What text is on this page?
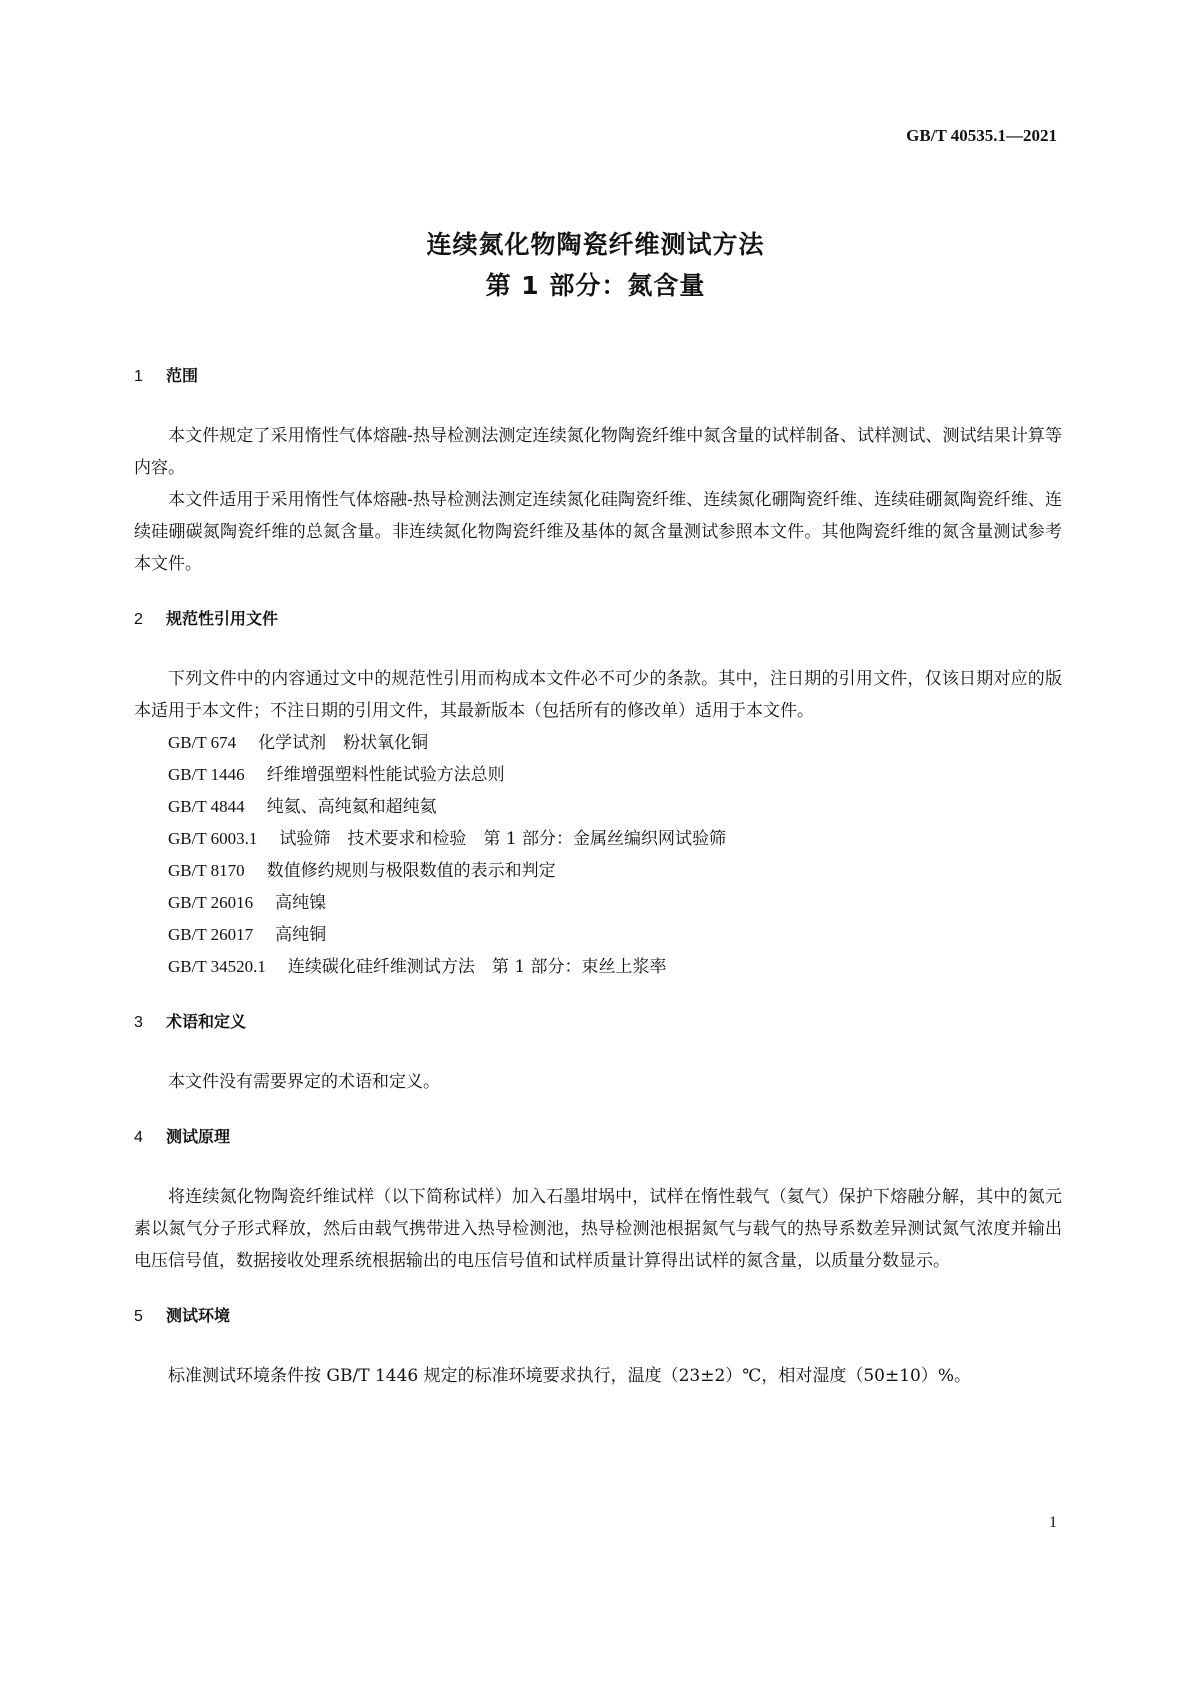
GB/T 40535.1—2021
连续氮化物陶瓷纤维测试方法
第 1 部分：氮含量
1 范围
本文件规定了采用惰性气体熔融-热导检测法测定连续氮化物陶瓷纤维中氮含量的试样制备、试样测试、测试结果计算等内容。
本文件适用于采用惰性气体熔融-热导检测法测定连续氮化硅陶瓷纤维、连续氮化硼陶瓷纤维、连续硅硼氮陶瓷纤维、连续硅硼碳氮陶瓷纤维的总氮含量。非连续氮化物陶瓷纤维及基体的氮含量测试参照本文件。其他陶瓷纤维的氮含量测试参考本文件。
2 规范性引用文件
下列文件中的内容通过文中的规范性引用而构成本文件必不可少的条款。其中，注日期的引用文件，仅该日期对应的版本适用于本文件；不注日期的引用文件，其最新版本（包括所有的修改单）适用于本文件。
GB/T 674 化学试剂　粉状氧化铜
GB/T 1446 纤维增强塑料性能试验方法总则
GB/T 4844 纯氦、高纯氦和超纯氦
GB/T 6003.1 试验筛　技术要求和检验　第 1 部分：金属丝编织网试验筛
GB/T 8170 数值修约规则与极限数值的表示和判定
GB/T 26016 高纯镍
GB/T 26017 高纯铜
GB/T 34520.1 连续碳化硅纤维测试方法　第 1 部分：束丝上浆率
3 术语和定义
本文件没有需要界定的术语和定义。
4 测试原理
将连续氮化物陶瓷纤维试样（以下简称试样）加入石墨坩埚中，试样在惰性载气（氦气）保护下熔融分解，其中的氮元素以氮气分子形式释放，然后由载气携带进入热导检测池，热导检测池根据氮气与载气的热导系数差异测试氮气浓度并输出电压信号值，数据接收处理系统根据输出的电压信号值和试样质量计算得出试样的氮含量，以质量分数显示。
5 测试环境
标准测试环境条件按 GB/T 1446 规定的标准环境要求执行，温度（23±2）℃，相对湿度（50±10）%。
1
